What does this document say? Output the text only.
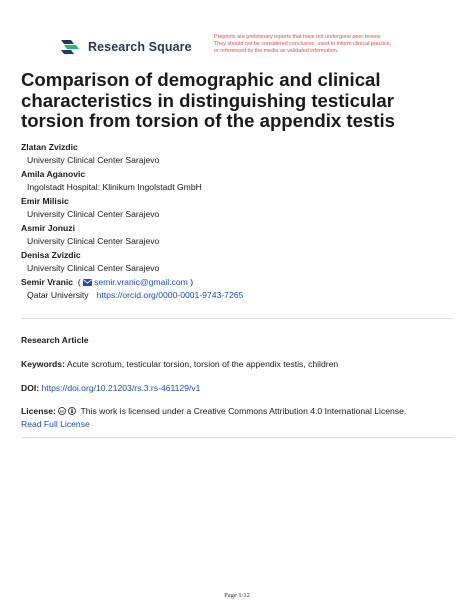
Research Square
Preprints are preliminary reports that have not undergone peer review.
They should not be considered conclusive, used to inform clinical practice,
or referenced by the media as validated information.
Comparison of demographic and clinical characteristics in distinguishing testicular torsion from torsion of the appendix testis
Zlatan Zvizdic
University Clinical Center Sarajevo
Amila Aganovic
Ingolstadt Hospital: Klinikum Ingolstadt GmbH
Emir Milisic
University Clinical Center Sarajevo
Asmir Jonuzi
University Clinical Center Sarajevo
Denisa Zvizdic
University Clinical Center Sarajevo
Semir Vranic  ( semir.vranic@gmail.com )
Qatar University https://orcid.org/0000-0001-9743-7265
Research Article
Keywords: Acute scrotum, testicular torsion, torsion of the appendix testis, children
DOI: https://doi.org/10.21203/rs.3.rs-461129/v1
License: cc This work is licensed under a Creative Commons Attribution 4.0 International License.
Read Full License
Page 1/12
